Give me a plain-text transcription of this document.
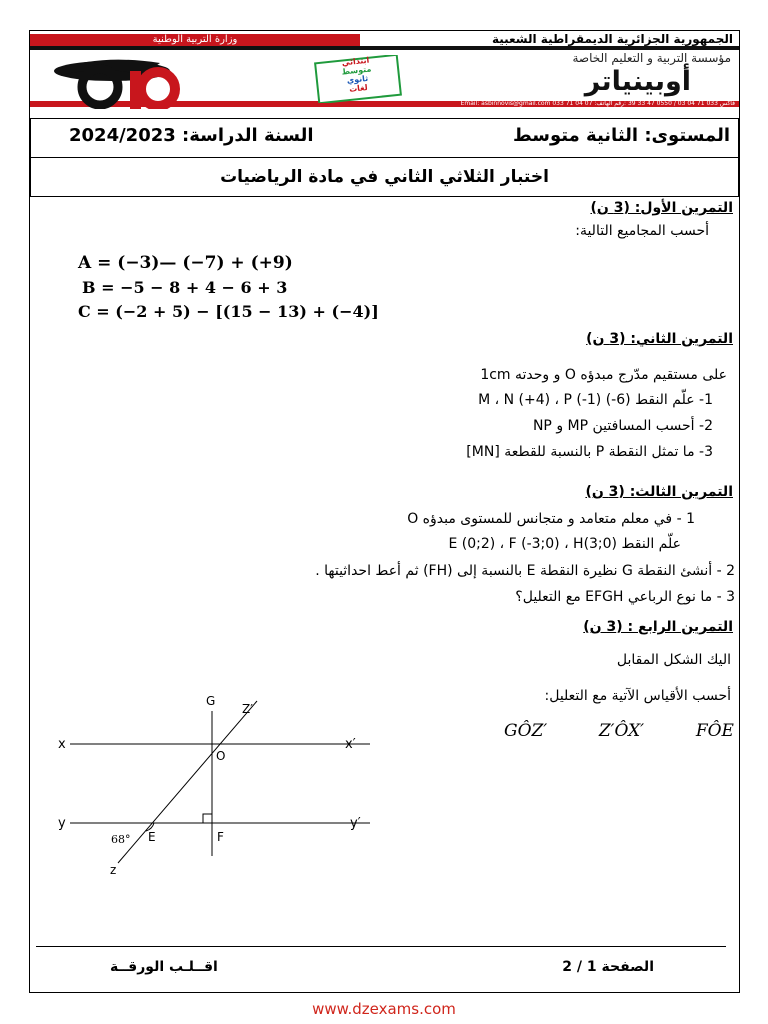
وزارة التربية الوطنية	الجمهورية الجزائرية الديمقراطية الشعبية
ابتدائي
متوسط
ثانوي
لغات
مؤسسة التربية و التعليم الخاصة
أوبينياتر
Email: asbinnovis@gmail.com 033 71 04 07 :فاكس 033 71 04 03 / 0550 47 33 39 :رقم الهاتف
المستوى: الثانية متوسط
السنة الدراسة: 2024/2023
اختبار الثلاثي الثاني في مادة الرياضيات
التمرين الأول: (3 ن)
أحسب المجاميع التالية:
A = (−3)— (−7) + (+9)
B = −5 − 8 + 4 − 6 + 3
C = (−2 + 5) − [(15 − 13) + (−4)]
التمرين الثاني: (3 ن)
على مستقيم مدّرج مبدؤه O و وحدته 1cm
1- علّم النقط (6-) M ، N (+4) ، P (-1)
2- أحسب المسافتين MP و NP
3- ما تمثل النقطة P بالنسبة للقطعة [MN]
التمرين الثالث: (3 ن)
1 - في معلم متعامد و متجانس للمستوى مبدؤه O
علّم النقط E (0;2) ، F (-3;0) ، H(3;0)
2 - أنشئ النقطة G نظيرة النقطة E بالنسبة إلى (FH) ثم أعط احداثيتها .
3 - ما نوع الرباعي EFGH مع التعليل؟
التمرين الرابع : (3 ن)
اليك الشكل المقابل
أحسب الأقياس الآتية مع التعليل:
GÔZ′	Z′ÔX′	FÔE
G
Z′
x	x′
O
y	y′
E	F
z
68°
الصفحة 1 / 2
اقــلـب الورقــة
www.dzexams.com
